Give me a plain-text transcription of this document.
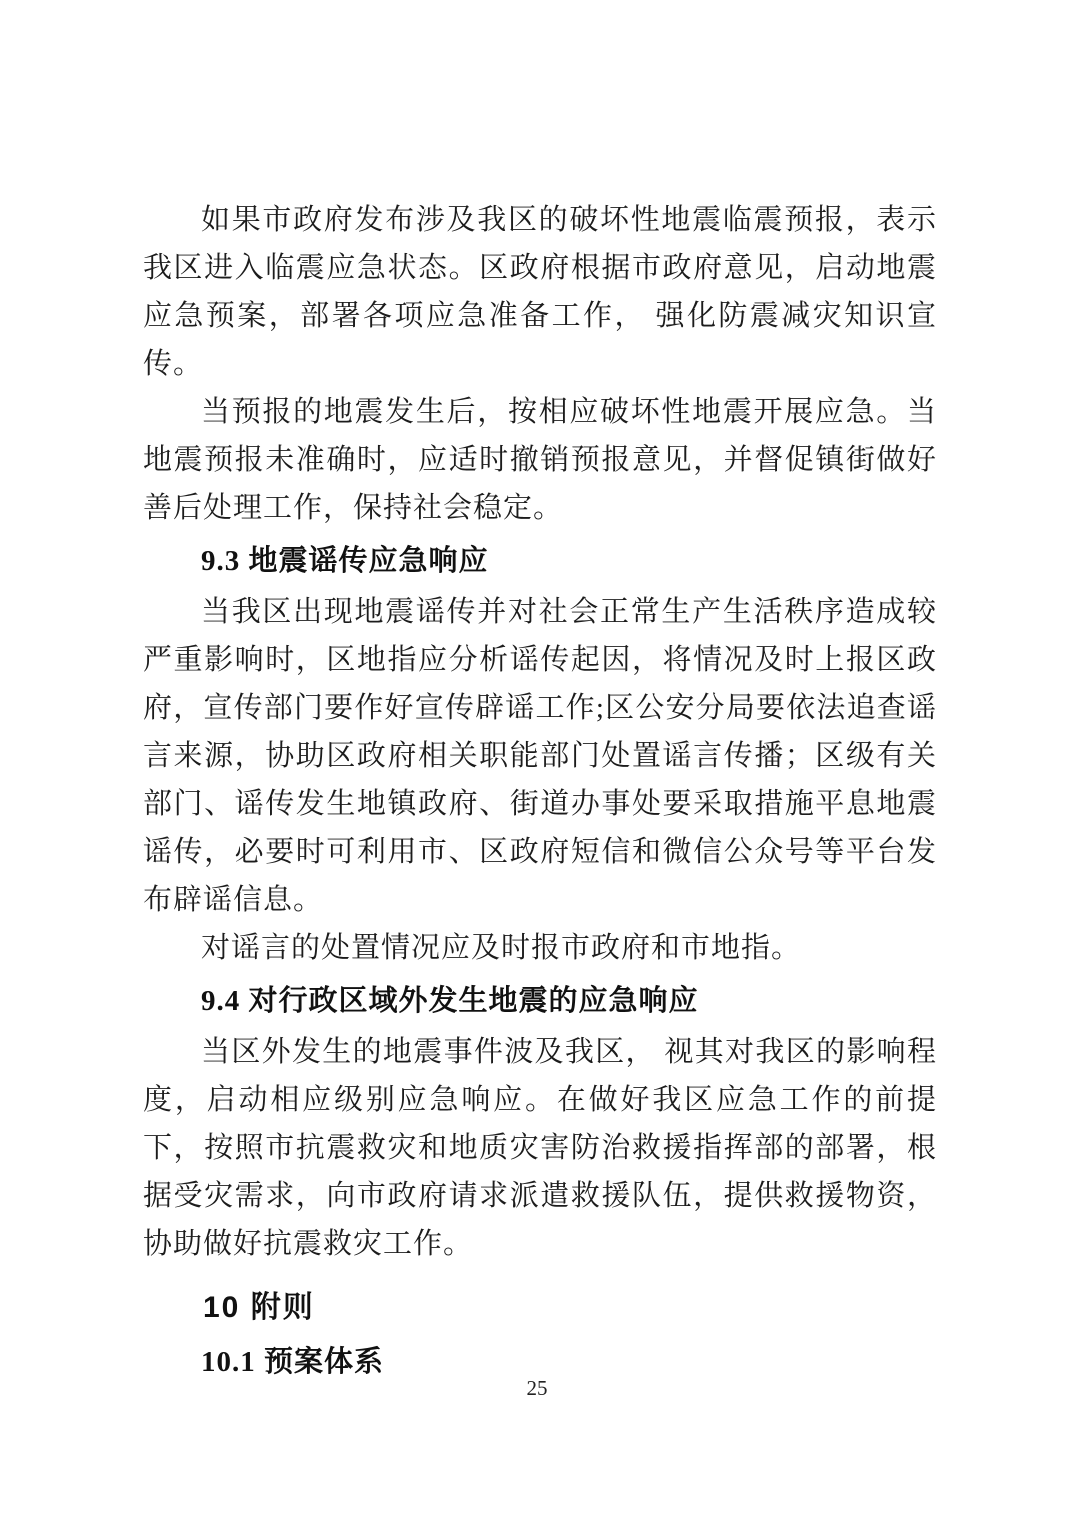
如果市政府发布涉及我区的破坏性地震临震预报，表示我区进入临震应急状态。区政府根据市政府意见，启动地震应急预案，部署各项应急准备工作， 强化防震减灾知识宣传。

当预报的地震发生后，按相应破坏性地震开展应急。当地震预报未准确时，应适时撤销预报意见，并督促镇街做好善后处理工作，保持社会稳定。

9.3 地震谣传应急响应

当我区出现地震谣传并对社会正常生产生活秩序造成较严重影响时，区地指应分析谣传起因，将情况及时上报区政府，宣传部门要作好宣传辟谣工作;区公安分局要依法追查谣言来源，协助区政府相关职能部门处置谣言传播；区级有关部门、谣传发生地镇政府、街道办事处要采取措施平息地震谣传，必要时可利用市、区政府短信和微信公众号等平台发布辟谣信息。

对谣言的处置情况应及时报市政府和市地指。

9.4 对行政区域外发生地震的应急响应

当区外发生的地震事件波及我区， 视其对我区的影响程度，启动相应级别应急响应。在做好我区应急工作的前提下，按照市抗震救灾和地质灾害防治救援指挥部的部署，根据受灾需求，向市政府请求派遣救援队伍，提供救援物资，协助做好抗震救灾工作。

10 附则
10.1 预案体系
25
